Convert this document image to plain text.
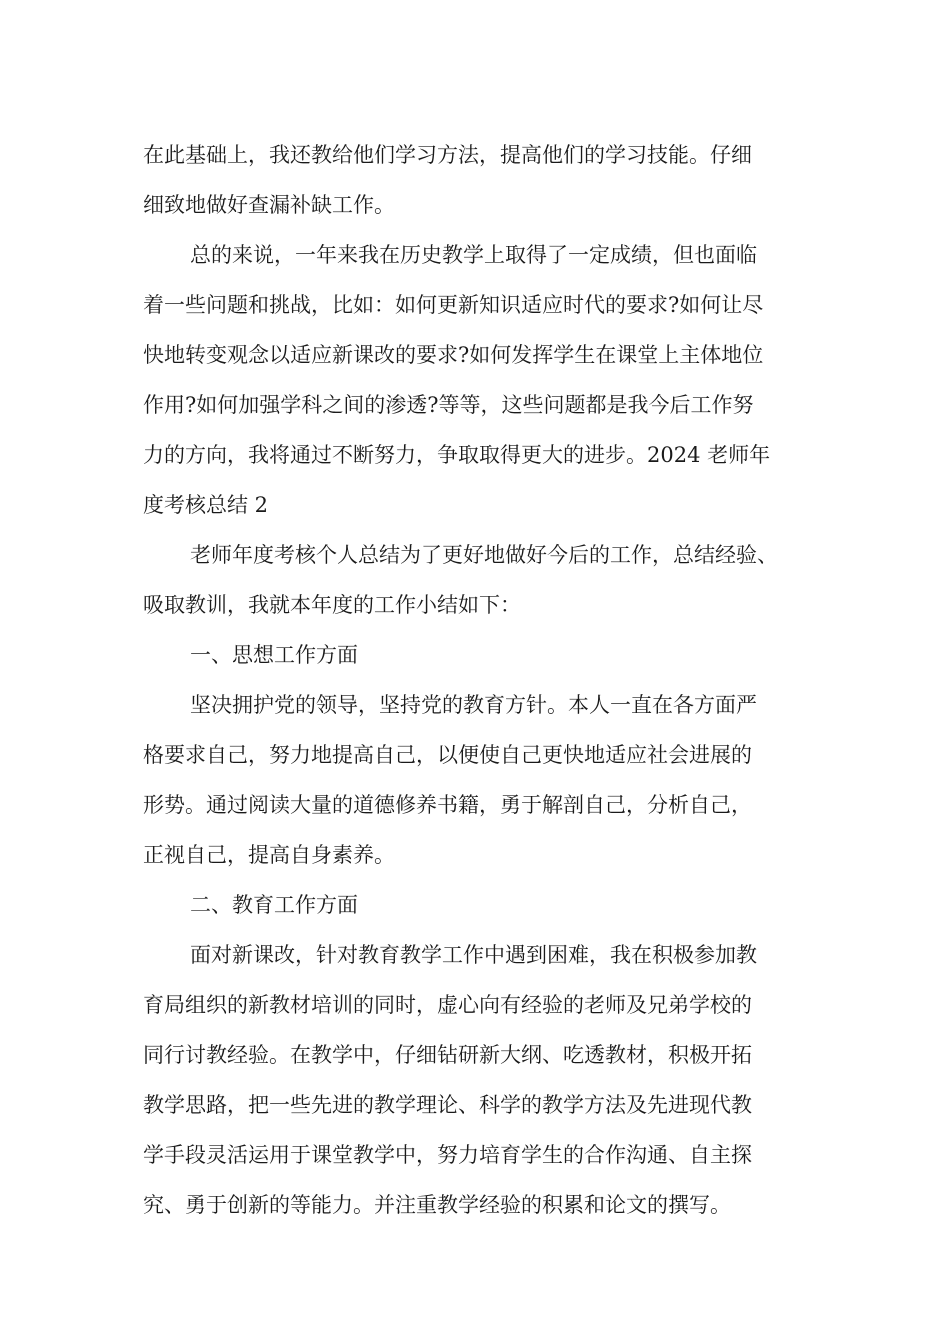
在此基础上，我还教给他们学习方法，提高他们的学习技能。仔细
细致地做好查漏补缺工作。
总的来说，一年来我在历史教学上取得了一定成绩，但也面临
着一些问题和挑战，比如：如何更新知识适应时代的要求?如何让尽
快地转变观念以适应新课改的要求?如何发挥学生在课堂上主体地位
作用?如何加强学科之间的渗透?等等，这些问题都是我今后工作努
力的方向，我将通过不断努力，争取取得更大的进步。2024 老师年
度考核总结 2
老师年度考核个人总结为了更好地做好今后的工作，总结经验、
吸取教训，我就本年度的工作小结如下：
一、思想工作方面
坚决拥护党的领导，坚持党的教育方针。本人一直在各方面严
格要求自己，努力地提高自己，以便使自己更快地适应社会进展的
形势。通过阅读大量的道德修养书籍，勇于解剖自己，分析自己，
正视自己，提高自身素养。
二、教育工作方面
面对新课改，针对教育教学工作中遇到困难，我在积极参加教
育局组织的新教材培训的同时，虚心向有经验的老师及兄弟学校的
同行讨教经验。在教学中，仔细钻研新大纲、吃透教材，积极开拓
教学思路，把一些先进的教学理论、科学的教学方法及先进现代教
学手段灵活运用于课堂教学中，努力培育学生的合作沟通、自主探
究、勇于创新的等能力。并注重教学经验的积累和论文的撰写。
